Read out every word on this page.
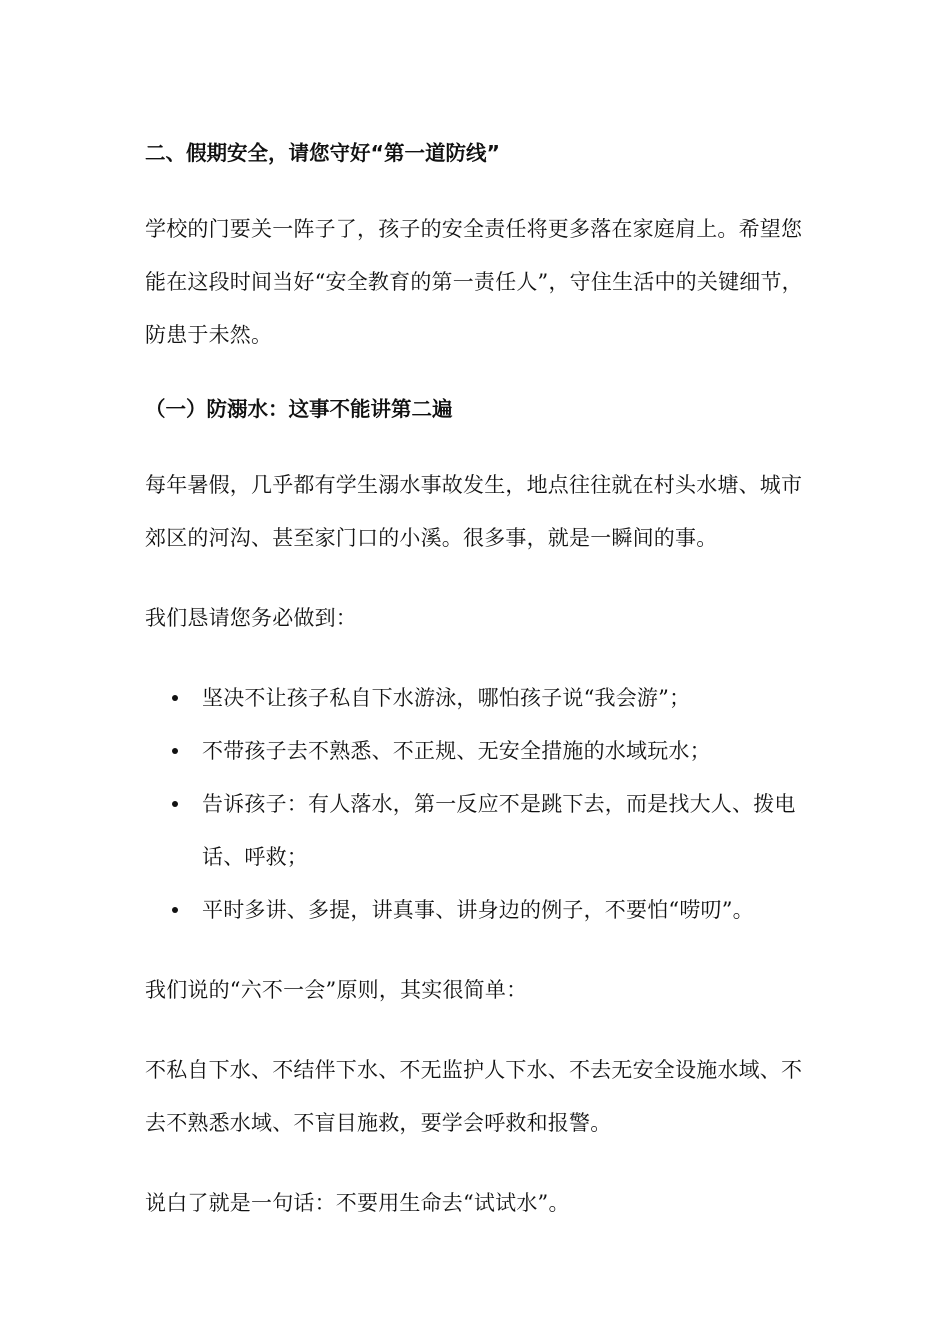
二、假期安全，请您守好“第一道防线”

学校的门要关一阵子了，孩子的安全责任将更多落在家庭肩上。希望您能在这段时间当好“安全教育的第一责任人”，守住生活中的关键细节，防患于未然。

（一）防溺水：这事不能讲第二遍

每年暑假，几乎都有学生溺水事故发生，地点往往就在村头水塘、城市郊区的河沟、甚至家门口的小溪。很多事，就是一瞬间的事。

我们恳请您务必做到：

坚决不让孩子私自下水游泳，哪怕孩子说“我会游”；
不带孩子去不熟悉、不正规、无安全措施的水域玩水；
告诉孩子：有人落水，第一反应不是跳下去，而是找大人、拨电话、呼救；
平时多讲、多提，讲真事、讲身边的例子，不要怕“唠叨”。

我们说的“六不一会”原则，其实很简单：

不私自下水、不结伴下水、不无监护人下水、不去无安全设施水域、不去不熟悉水域、不盲目施救，要学会呼救和报警。

说白了就是一句话：不要用生命去“试试水”。
